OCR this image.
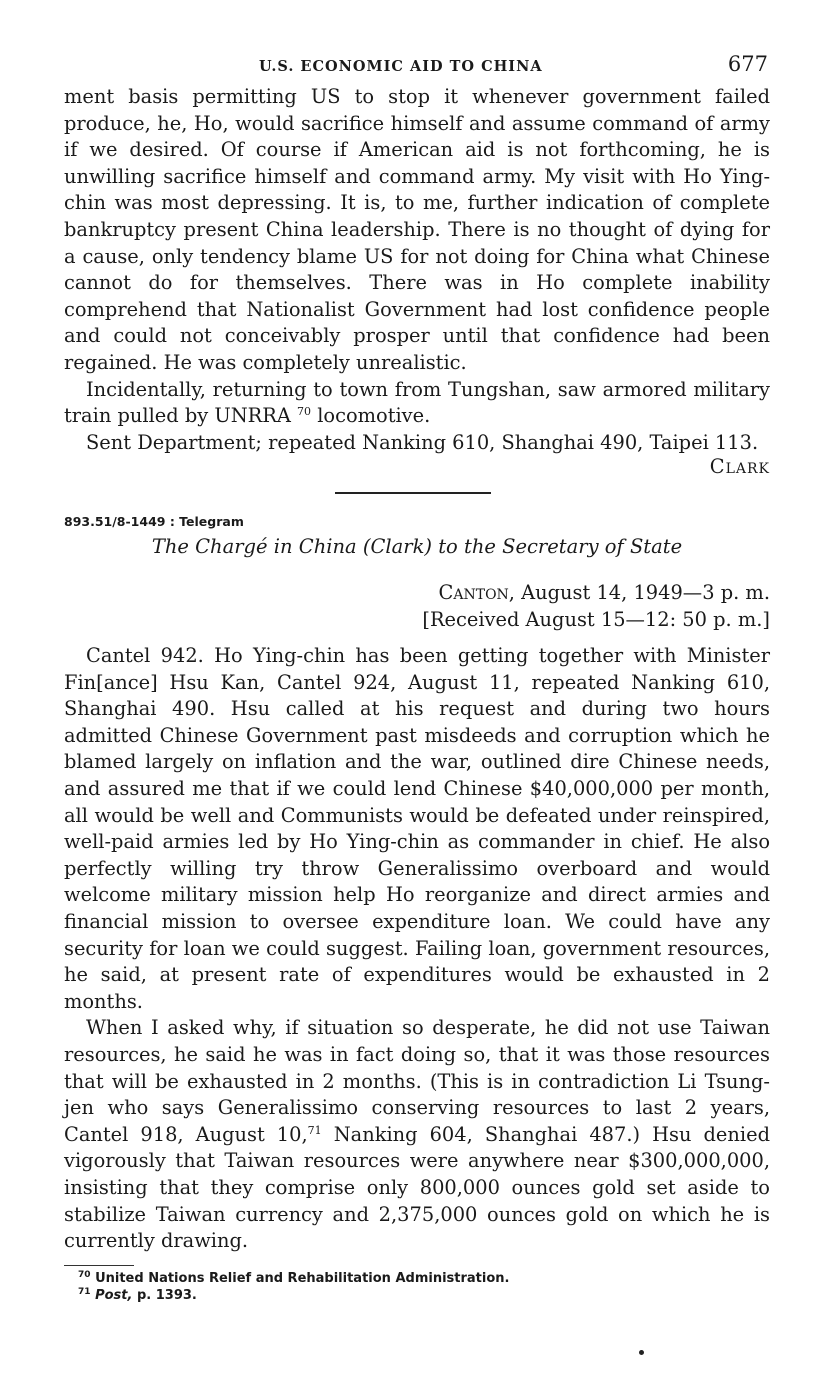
U.S. ECONOMIC AID TO CHINA	677

ment basis permitting US to stop it whenever government failed produce, he, Ho, would sacrifice himself and assume command of army if we desired. Of course if American aid is not forthcoming, he is unwilling sacrifice himself and command army. My visit with Ho Ying-chin was most depressing. It is, to me, further indication of complete bankruptcy present China leadership. There is no thought of dying for a cause, only tendency blame US for not doing for China what Chinese cannot do for themselves. There was in Ho complete inability comprehend that Nationalist Government had lost confidence people and could not conceivably prosper until that confidence had been regained. He was completely unrealistic.

Incidentally, returning to town from Tungshan, saw armored military train pulled by UNRRA $^{70}$ locomotive.

Sent Department; repeated Nanking 610, Shanghai 490, Taipei 113.

Clark

893.51/8-1449 : Telegram
The Chargé in China (Clark) to the Secretary of State

Canton, August 14, 1949—3 p. m.

[Received August 15—12: 50 p. m.]

Cantel 942. Ho Ying-chin has been getting together with Minister Fin[ance] Hsu Kan, Cantel 924, August 11, repeated Nanking 610, Shanghai 490. Hsu called at his request and during two hours admitted Chinese Government past misdeeds and corruption which he blamed largely on inflation and the war, outlined dire Chinese needs, and assured me that if we could lend Chinese $40,000,000 per month, all would be well and Communists would be defeated under reinspired, well-paid armies led by Ho Ying-chin as commander in chief. He also perfectly willing try throw Generalissimo overboard and would welcome military mission help Ho reorganize and direct armies and financial mission to oversee expenditure loan. We could have any security for loan we could suggest. Failing loan, government resources, he said, at present rate of expenditures would be exhausted in 2 months.

When I asked why, if situation so desperate, he did not use Taiwan resources, he said he was in fact doing so, that it was those resources that will be exhausted in 2 months. (This is in contradiction Li Tsung-jen who says Generalissimo conserving resources to last 2 years, Cantel 918, August 10,71 Nanking 604, Shanghai 487.) Hsu denied vigorously that Taiwan resources were anywhere near $300,000,000, insisting that they comprise only 800,000 ounces gold set aside to stabilize Taiwan currency and 2,375,000 ounces gold on which he is currently drawing.

$^{70}$ United Nations Relief and Rehabilitation Administration.
$^{71}$ Post, p. 1393.
